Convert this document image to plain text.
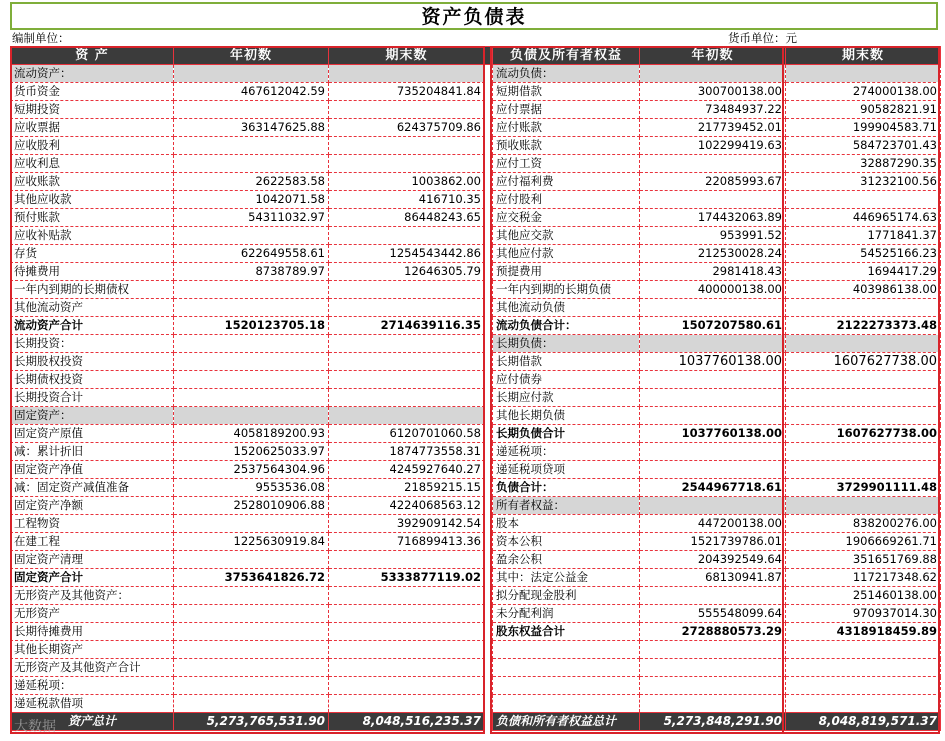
资产负债表
编制单位：	货币单位：元
资 产	年初数	期末数		负债及所有者权益	年初数	期末数
流动资产：				流动负债：		
货币资金	467612042.59	735204841.84		短期借款	300700138.00	274000138.00
短期投资				应付票据	73484937.22	90582821.91
应收票据	363147625.88	624375709.86		应付账款	217739452.01	199904583.71
应收股利				预收账款	102299419.63	584723701.43
应收利息				应付工资		32887290.35
应收账款	2622583.58	1003862.00		应付福利费	22085993.67	31232100.56
其他应收款	1042071.58	416710.35		应付股利		
预付账款	54311032.97	86448243.65		应交税金	174432063.89	446965174.63
应收补贴款				其他应交款	953991.52	1771841.37
存货	622649558.61	1254543442.86		其他应付款	212530028.24	54525166.23
待摊费用	8738789.97	12646305.79		预提费用	2981418.43	1694417.29
一年内到期的长期债权				一年内到期的长期负债	400000138.00	403986138.00
其他流动资产				其他流动负债		
流动资产合计	1520123705.18	2714639116.35		流动负债合计：	1507207580.61	2122273373.48
长期投资：				长期负债：		
长期股权投资				长期借款	1037760138.00	1607627738.00
长期债权投资				应付债券		
长期投资合计				长期应付款		
固定资产：				其他长期负债		
固定资产原值	4058189200.93	6120701060.58		长期负债合计	1037760138.00	1607627738.00
减：累计折旧	1520625033.97	1874773558.31		递延税项：		
固定资产净值	2537564304.96	4245927640.27		递延税项贷项		
减：固定资产减值准备	9553536.08	21859215.15		负债合计：	2544967718.61	3729901111.48
固定资产净额	2528010906.88	4224068563.12		所有者权益：		
工程物资		392909142.54		股本	447200138.00	838200276.00
在建工程	1225630919.84	716899413.36		资本公积	1521739786.01	1906669261.71
固定资产清理				盈余公积	204392549.64	351651769.88
固定资产合计	3753641826.72	5333877119.02		其中：法定公益金	68130941.87	117217348.62
无形资产及其他资产：				拟分配现金股利		251460138.00
无形资产				未分配利润	555548099.64	970937014.30
长期待摊费用				股东权益合计	2728880573.29	4318918459.89
其他长期资产						
无形资产及其他资产合计						
递延税项：						
递延税款借项						
资产总计	5,273,765,531.90	8,048,516,235.37		负债和所有者权益总计	5,273,848,291.90	8,048,819,571.37
大数据
